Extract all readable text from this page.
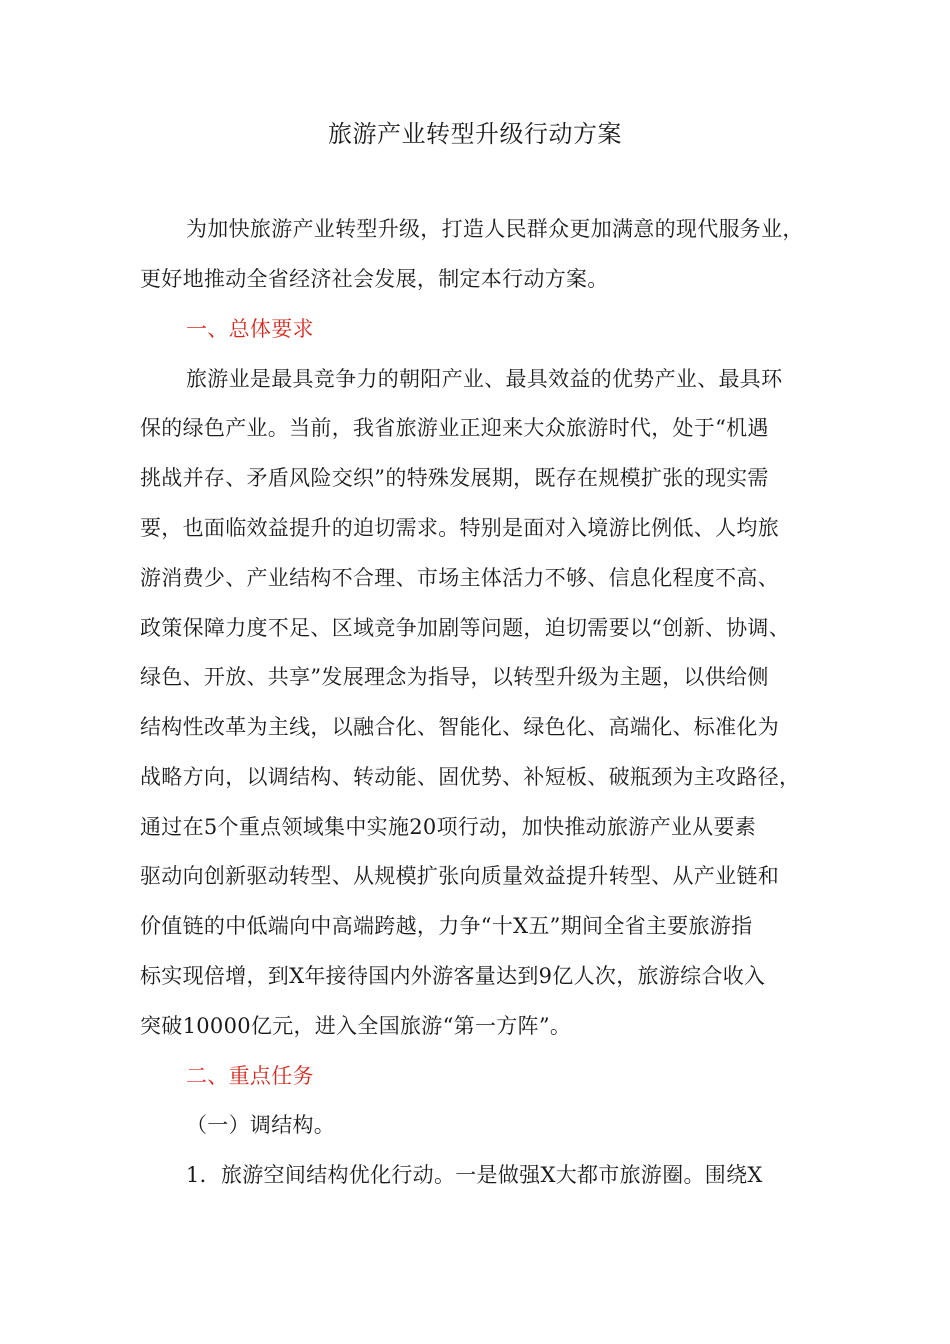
旅游产业转型升级行动方案
为加快旅游产业转型升级，打造人民群众更加满意的现代服务业，
更好地推动全省经济社会发展，制定本行动方案。
一、总体要求
旅游业是最具竞争力的朝阳产业、最具效益的优势产业、最具环
保的绿色产业。当前，我省旅游业正迎来大众旅游时代，处于“机遇
挑战并存、矛盾风险交织”的特殊发展期，既存在规模扩张的现实需
要，也面临效益提升的迫切需求。特别是面对入境游比例低、人均旅
游消费少、产业结构不合理、市场主体活力不够、信息化程度不高、
政策保障力度不足、区域竞争加剧等问题，迫切需要以“创新、协调、
绿色、开放、共享”发展理念为指导，以转型升级为主题，以供给侧
结构性改革为主线，以融合化、智能化、绿色化、高端化、标准化为
战略方向，以调结构、转动能、固优势、补短板、破瓶颈为主攻路径，
通过在5个重点领域集中实施20项行动，加快推动旅游产业从要素
驱动向创新驱动转型、从规模扩张向质量效益提升转型、从产业链和
价值链的中低端向中高端跨越，力争“十X五”期间全省主要旅游指
标实现倍增，到X年接待国内外游客量达到9亿人次，旅游综合收入
突破10000亿元，进入全国旅游“第一方阵”。
二、重点任务
（一）调结构。
1．旅游空间结构优化行动。一是做强X大都市旅游圈。围绕X
